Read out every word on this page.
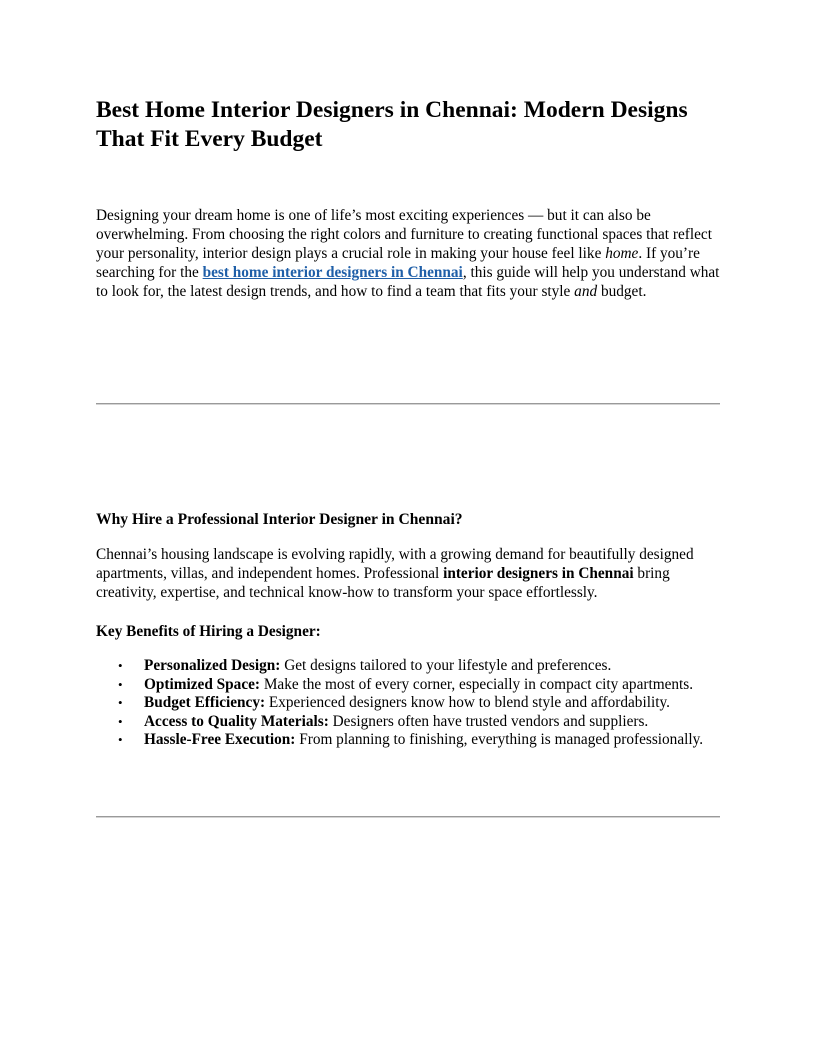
Best Home Interior Designers in Chennai: Modern Designs That Fit Every Budget

Designing your dream home is one of life’s most exciting experiences — but it can also be overwhelming. From choosing the right colors and furniture to creating functional spaces that reflect your personality, interior design plays a crucial role in making your house feel like home. If you’re searching for the best home interior designers in Chennai, this guide will help you understand what to look for, the latest design trends, and how to find a team that fits your style and budget.

Why Hire a Professional Interior Designer in Chennai?

Chennai’s housing landscape is evolving rapidly, with a growing demand for beautifully designed apartments, villas, and independent homes. Professional interior designers in Chennai bring creativity, expertise, and technical know-how to transform your space effortlessly.

Key Benefits of Hiring a Designer:
• Personalized Design: Get designs tailored to your lifestyle and preferences.
• Optimized Space: Make the most of every corner, especially in compact city apartments.
• Budget Efficiency: Experienced designers know how to blend style and affordability.
• Access to Quality Materials: Designers often have trusted vendors and suppliers.
• Hassle-Free Execution: From planning to finishing, everything is managed professionally.
